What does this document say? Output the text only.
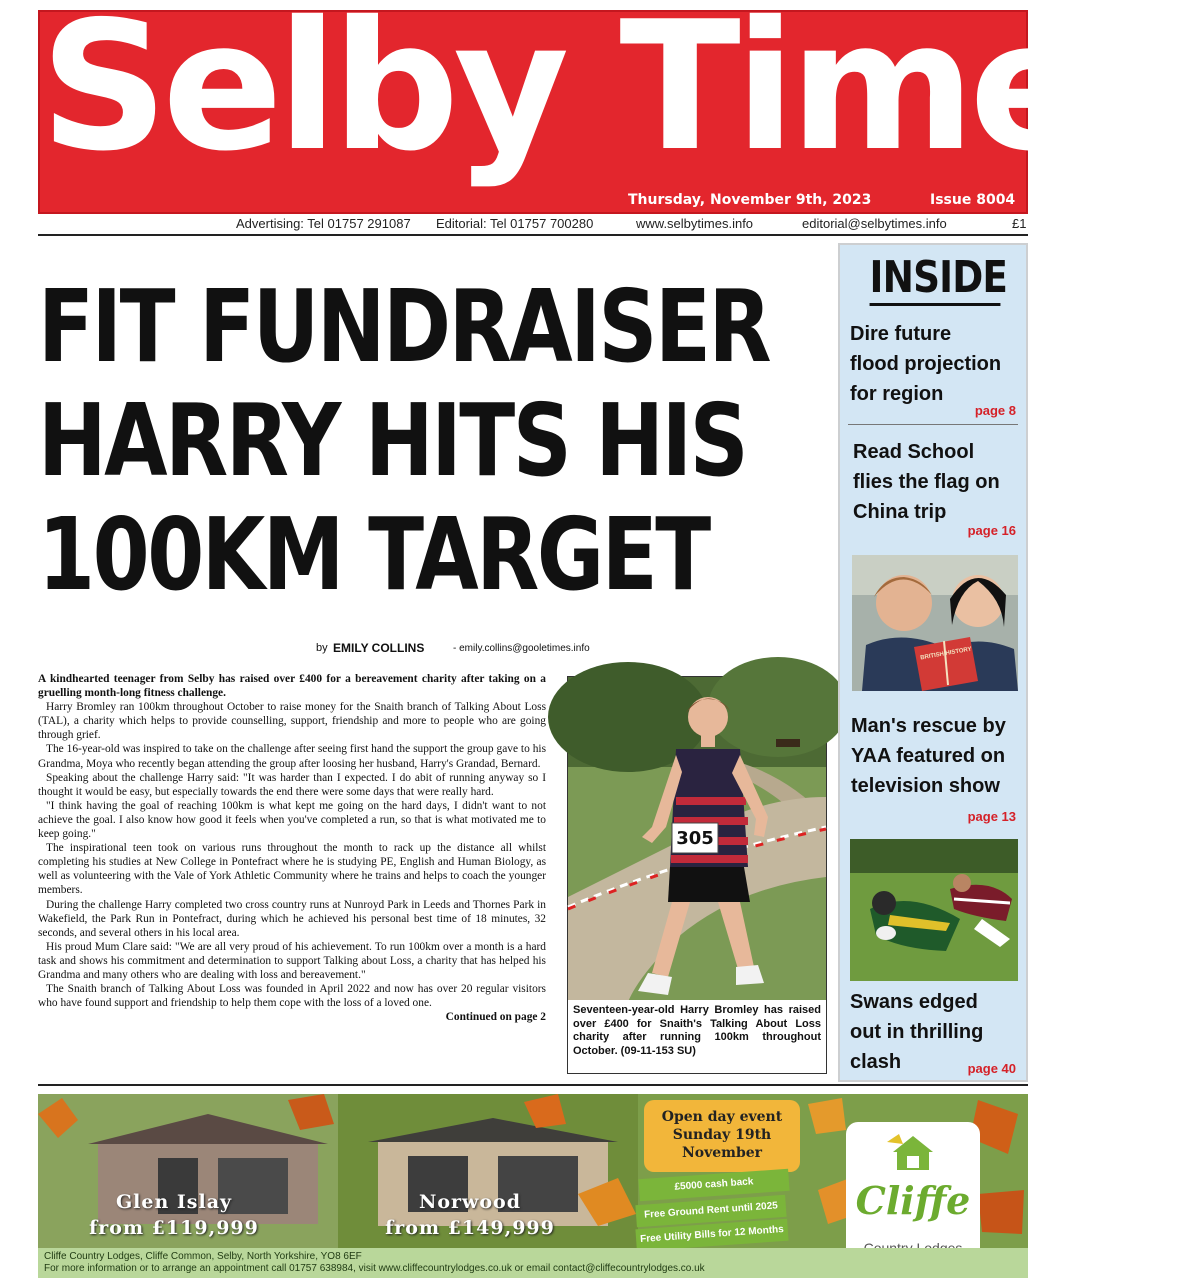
Selby Times
Thursday, November 9th, 2023	Issue 8004
Advertising: Tel 01757 291087 Editorial: Tel 01757 700280	www.selbytimes.info	editorial@selbytimes.info	£1
FIT FUNDRAISER
HARRY HITS HIS
100KM TARGET
by EMILY COLLINS	- emily.collins@gooletimes.info

A kindhearted teenager from Selby has raised over £400 for a bereavement charity after taking on a gruelling month-long fitness challenge.

Harry Bromley ran 100km throughout October to raise money for the Snaith branch of Talking About Loss (TAL), a charity which helps to provide counselling, support, friendship and more to people who are going through grief.

The 16-year-old was inspired to take on the challenge after seeing first hand the support the group gave to his Grandma, Moya who recently began attending the group after loosing her husband, Harry's Grandad, Bernard.

Speaking about the challenge Harry said: "It was harder than I expected. I do abit of running anyway so I thought it would be easy, but especially towards the end there were some days that were really hard.

"I think having the goal of reaching 100km is what kept me going on the hard days, I didn't want to not achieve the goal. I also know how good it feels when you've completed a run, so that is what motivated me to keep going."

The inspirational teen took on various runs throughout the month to rack up the distance all whilst completing his studies at New College in Pontefract where he is studying PE, English and Human Biology, as well as volunteering with the Vale of York Athletic Community where he trains and helps to coach the younger members.

During the challenge Harry completed two cross country runs at Nunroyd Park in Leeds and Thornes Park in Wakefield, the Park Run in Pontefract, during which he achieved his personal best time of 18 minutes, 32 seconds, and several others in his local area.

His proud Mum Clare said: "We are all very proud of his achievement. To run 100km over a month is a hard task and shows his commitment and determination to support Talking about Loss, a charity that has helped his Grandma and many others who are dealing with loss and bereavement."

The Snaith branch of Talking About Loss was founded in April 2022 and now has over 20 regular visitors who have found support and friendship to help them cope with the loss of a loved one.

Continued on page 2
305
Seventeen-year-old Harry Bromley has raised over £400 for Snaith's Talking About Loss charity after running 100km throughout October. (09-11-153 SU)
INSIDE
Dire future
flood projection
for region
page 8
Read School
flies the flag on
China trip
page 16
BRITISH HISTORY
Man's rescue by
YAA featured on
television show
page 13
Swans edged
out in thrilling
clash	page 40
Glen Islay
from £119,999
Norwood
from £149,999
Open day event
Sunday 19th
November
£5000 cash back
Free Ground Rent until 2025
Free Utility Bills for 12 Months
Cliffe
Cliffe Country Lodges, Cliffe Common, Selby, North Yorkshire, YO8 6EF
For more information or to arrange an appointment call 01757 638984, visit www.cliffecountrylodges.co.uk or email contact@cliffecountrylodges.co.uk
